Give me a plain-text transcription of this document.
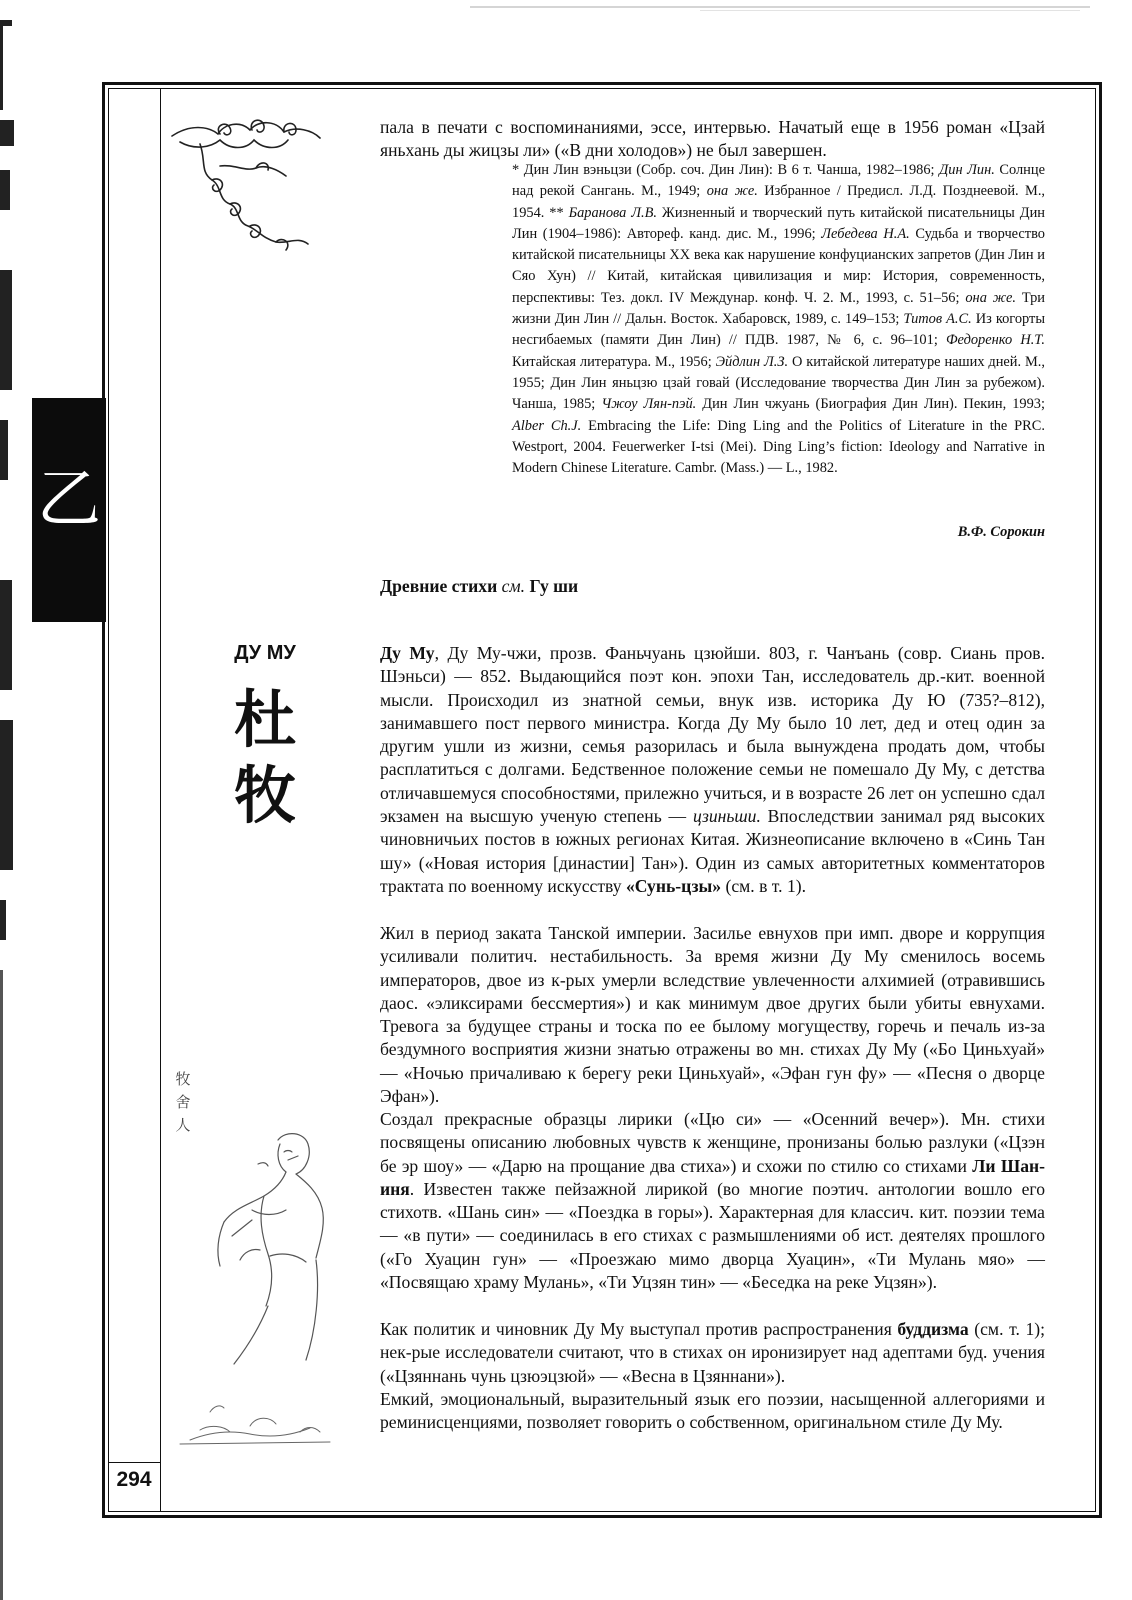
乙
294
пала в печати с воспоминаниями, эссе, интервью. Начатый еще в 1956 роман «Цзай яньхань ды жицзы ли» («В дни холодов») не был завершен.
* Дин Лин вэньцзи (Собр. соч. Дин Лин): В 6 т. Чанша, 1982–1986; Дин Лин. Солнце над рекой Сангань. М., 1949; она же. Избранное / Предисл. Л.Д. Позднеевой. М., 1954. ** Баранова Л.В. Жизненный и творческий путь китайской писательницы Дин Лин (1904–1986): Автореф. канд. дис. М., 1996; Лебедева Н.А. Судьба и творчество китайской писательницы XX века как нарушение конфуцианских запретов (Дин Лин и Сяо Хун) // Китай, китайская цивилизация и мир: История, современность, перспективы: Тез. докл. IV Междунар. конф. Ч. 2. М., 1993, с. 51–56; она же. Три жизни Дин Лин // Дальн. Восток. Хабаровск, 1989, с. 149–153; Титов А.С. Из когорты несгибаемых (памяти Дин Лин) // ПДВ. 1987, № 6, с. 96–101; Федоренко Н.Т. Китайская литература. М., 1956; Эйдлин Л.З. О китайской литературе наших дней. М., 1955; Дин Лин яньцзю цзай говай (Исследование творчества Дин Лин за рубежом). Чанша, 1985; Чжоу Лян-пэй. Дин Лин чжуань (Биография Дин Лин). Пекин, 1993; Alber Ch.J. Embracing the Life: Ding Ling and the Politics of Literature in the PRC. Westport, 2004. Feuerwerker I-tsi (Mei). Ding Ling’s fiction: Ideology and Narrative in Modern Chinese Literature. Cambr. (Mass.) — L., 1982.
В.Ф. Сорокин
Древние стихи см. Гу ши
ДУ МУ
杜
牧
牧
舍
人
Ду Му, Ду Му-чжи, прозв. Фаньчуань цзюйши. 803, г. Чанъань (совр. Сиань пров. Шэньси) — 852. Выдающийся поэт кон. эпохи Тан, исследователь др.-кит. военной мысли. Происходил из знатной семьи, внук изв. историка Ду Ю (735?–812), занимавшего пост первого министра. Когда Ду Му было 10 лет, дед и отец один за другим ушли из жизни, семья разорилась и была вынуждена продать дом, чтобы расплатиться с долгами. Бедственное положение семьи не помешало Ду Му, с детства отличавшемуся способностями, прилежно учиться, и в возрасте 26 лет он успешно сдал экзамен на высшую ученую степень — цзиньши. Впоследствии занимал ряд высоких чиновничьих постов в южных регионах Китая. Жизнеописание включено в «Синь Тан шу» («Новая история [династии] Тан»). Один из самых авторитетных комментаторов трактата по военному искусству «Сунь-цзы» (см. в т. 1).
Жил в период заката Танской империи. Засилье евнухов при имп. дворе и коррупция усиливали политич. нестабильность. За время жизни Ду Му сменилось восемь императоров, двое из к-рых умерли вследствие увлеченности алхимией (отравившись даос. «эликсирами бессмертия») и как минимум двое других были убиты евнухами. Тревога за будущее страны и тоска по ее былому могуществу, горечь и печаль из-за бездумного восприятия жизни знатью отражены во мн. стихах Ду Му («Бо Циньхуай» — «Ночью причаливаю к берегу реки Циньхуай», «Эфан гун фу» — «Песня о дворце Эфан»).
Создал прекрасные образцы лирики («Цю си» — «Осенний вечер»). Мн. стихи посвящены описанию любовных чувств к женщине, пронизаны болью разлуки («Цзэн бе эр шоу» — «Дарю на прощание два стиха») и схожи по стилю со стихами Ли Шан-иня. Известен также пейзажной лирикой (во многие поэтич. антологии вошло его стихотв. «Шань син» — «Поездка в горы»). Характерная для классич. кит. поэзии тема — «в пути» — соединилась в его стихах с размышлениями об ист. деятелях прошлого («Го Хуацин гун» — «Проезжаю мимо дворца Хуацин», «Ти Мулань мяо» — «Посвящаю храму Мулань», «Ти Уцзян тин» — «Беседка на реке Уцзян»).
Как политик и чиновник Ду Му выступал против распространения буддизма (см. т. 1); нек-рые исследователи считают, что в стихах он иронизирует над адептами буд. учения («Цзяннань чунь цзюэцзюй» — «Весна в Цзяннани»).
Емкий, эмоциональный, выразительный язык его поэзии, насыщенной аллегориями и реминисценциями, позволяет говорить о собственном, оригинальном стиле Ду Му.
